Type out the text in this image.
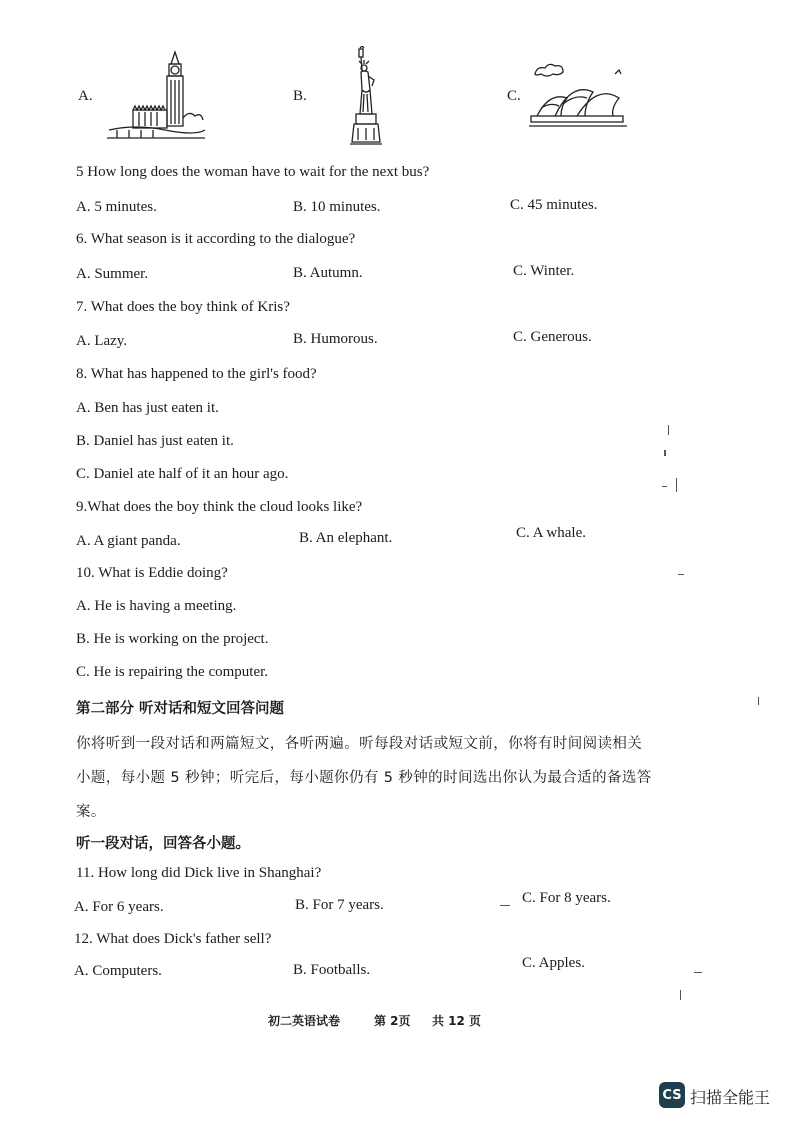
A.	B.	C.
5 How long does the woman have to wait for the next bus?
A. 5 minutes.	B. 10 minutes.	C. 45 minutes.
6. What season is it according to the dialogue?
A. Summer.	B. Autumn.	C. Winter.
7. What does the boy think of Kris?
A. Lazy.	B. Humorous.	C. Generous.
8. What has happened to the girl's food?
A. Ben has just eaten it.
B. Daniel has just eaten it.
C. Daniel ate half of it an hour ago.
9.What does the boy think the cloud looks like?
A. A giant panda.	B. An elephant.	C. A whale.
10. What is Eddie doing?
A. He is having a meeting.
B. He is working on the project.
C. He is repairing the computer.
第二部分 听对话和短文回答问题
你将听到一段对话和两篇短文，各听两遍。听每段对话或短文前，你将有时间阅读相关
小题，每小题 5 秒钟；听完后，每小题你仍有 5 秒钟的时间选出你认为最合适的备选答
案。
听一段对话，回答各小题。
11. How long did Dick live in Shanghai?
A. For 6 years.	B. For 7 years.	C. For 8 years.
12. What does Dick's father sell?
A. Computers.	B. Footballs.	C. Apples.
初二英语试卷	第 2页 共 12 页
CS 扫描全能王
